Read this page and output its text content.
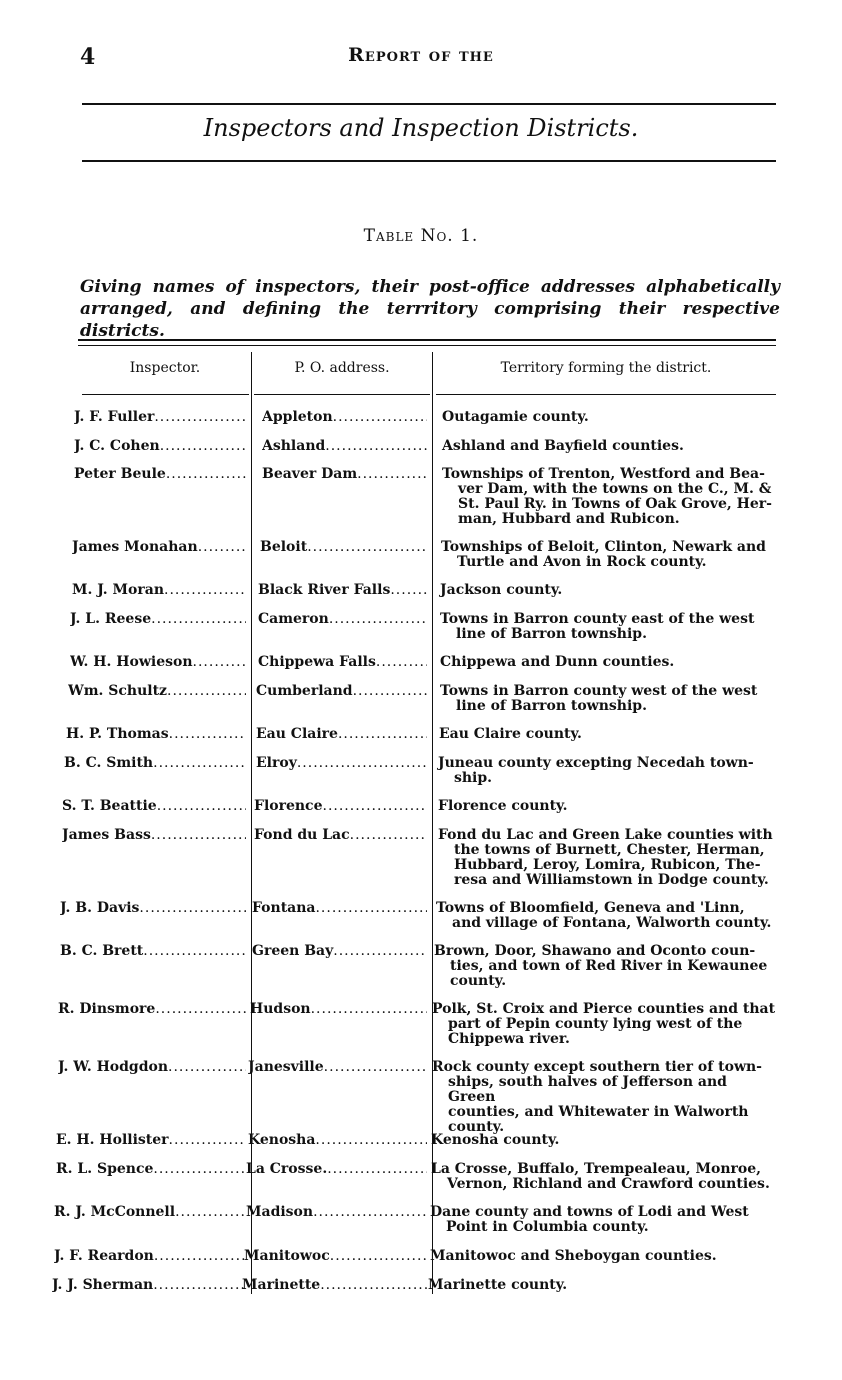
4	Report of the
Inspectors and Inspection Districts.
Table No. 1.
Giving names of inspectors, their post-office addresses alphabetically arranged, and defining the terrritory comprising their respective districts.
Inspector.	P. O. address.	Territory forming the district.
J. F. Fuller .....	Appleton .....	Outagamie county.
J. C. Cohen .....	Ashland .....	Ashland and Bayfield counties.
Peter Beule .....	Beaver Dam .....	Townships of Trenton, Westford and Bea-
ver Dam, with the towns on the C., M. &
St. Paul Ry. in Towns of Oak Grove, Her-
man, Hubbard and Rubicon.
James Monahan .....	Beloit .....	Townships of Beloit, Clinton, Newark and
Turtle and Avon in Rock county.
M. J. Moran .....	Black River Falls .....	Jackson county.
J. L. Reese .....	Cameron .....	Towns in Barron county east of the west
line of Barron township.
W. H. Howieson .....	Chippewa Falls .....	Chippewa and Dunn counties.
Wm. Schultz .....	Cumberland .....	Towns in Barron county west of the west
line of Barron township.
H. P. Thomas .....	Eau Claire .....	Eau Claire county.
B. C. Smith .....	Elroy .....	Juneau county excepting Necedah town-
ship.
S. T. Beattie .....	Florence .....	Florence county.
James Bass .....	Fond du Lac .....	Fond du Lac and Green Lake counties with
the towns of Burnett, Chester, Herman,
Hubbard, Leroy, Lomira, Rubicon, The-
resa and Williamstown in Dodge county.
J. B. Davis .....	Fontana .....	Towns of Bloomfield, Geneva and 'Linn,
and village of Fontana, Walworth county.
B. C. Brett .....	Green Bay .....	Brown, Door, Shawano and Oconto coun-
ties, and town of Red River in Kewaunee
county.
R. Dinsmore .....	Hudson .....	Polk, St. Croix and Pierce counties and that
part of Pepin county lying west of the
Chippewa river.
J. W. Hodgdon .....	Janesville .....	Rock county except southern tier of town-
ships, south halves of Jefferson and Green
counties, and Whitewater in Walworth
county.
E. H. Hollister .....	Kenosha .....	Kenosha county.
R. L. Spence .....	La Crosse. .....	La Crosse, Buffalo, Trempealeau, Monroe,
Vernon, Richland and Crawford counties.
R. J. McConnell .....	Madison .....	Dane county and towns of Lodi and West
Point in Columbia county.
J. F. Reardon .....	Manitowoc .....	Manitowoc and Sheboygan counties.
J. J. Sherman .....	Marinette .....	Marinette county.
